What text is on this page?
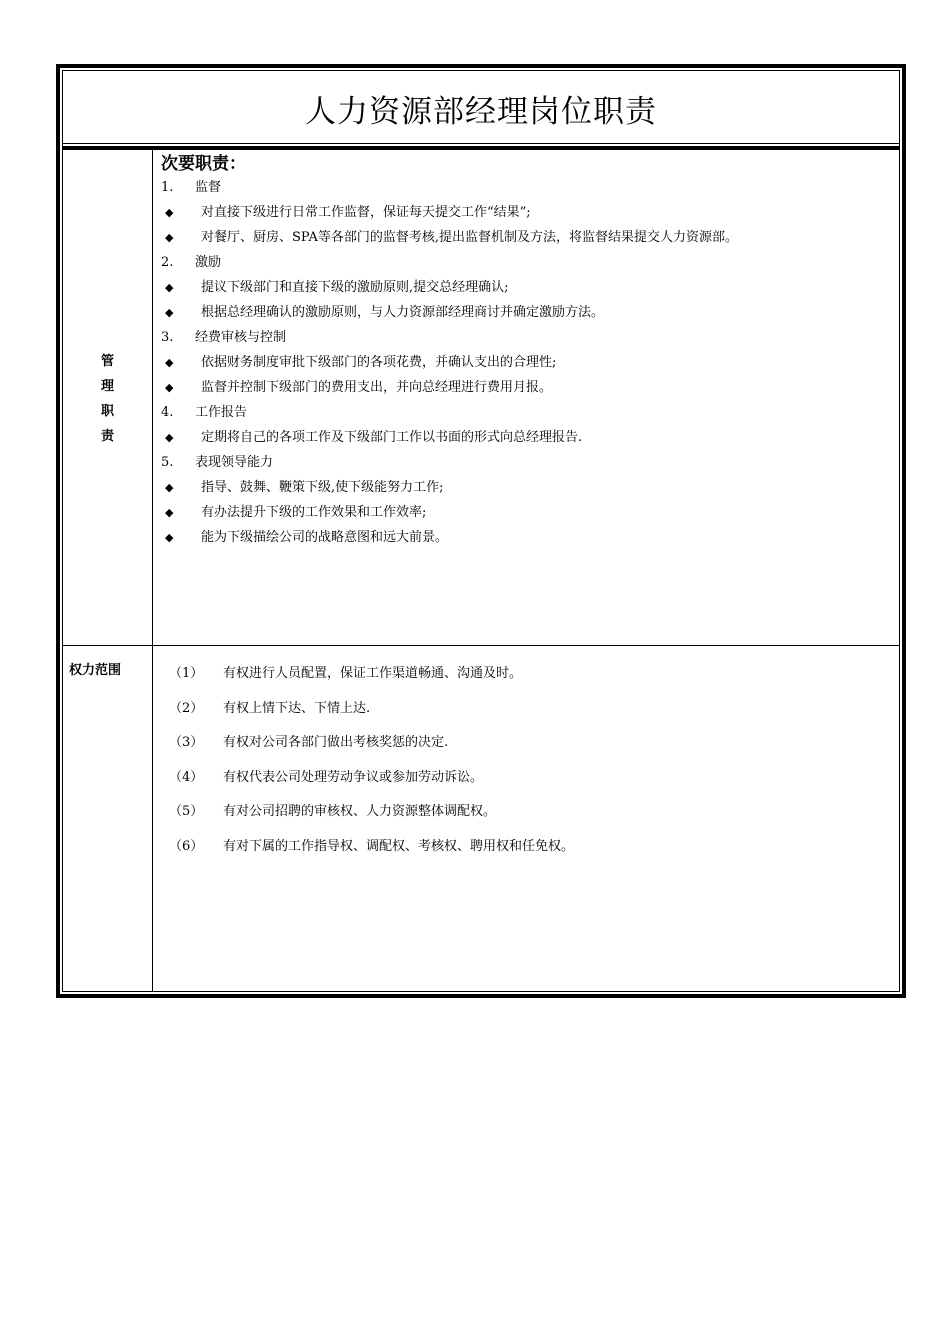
人力资源部经理岗位职责
管
理
职
责
次要职责：
1. 监督
◆ 对直接下级进行日常工作监督，保证每天提交工作“结果”;
◆ 对餐厅、厨房、SPA等各部门的监督考核,提出监督机制及方法，将监督结果提交人力资源部。
2. 激励
◆ 提议下级部门和直接下级的激励原则,提交总经理确认;
◆ 根据总经理确认的激励原则，与人力资源部经理商讨并确定激励方法。
3. 经费审核与控制
◆ 依据财务制度审批下级部门的各项花费，并确认支出的合理性;
◆ 监督并控制下级部门的费用支出，并向总经理进行费用月报。
4. 工作报告
◆ 定期将自己的各项工作及下级部门工作以书面的形式向总经理报告.
5. 表现领导能力
◆ 指导、鼓舞、鞭策下级,使下级能努力工作;
◆ 有办法提升下级的工作效果和工作效率;
◆ 能为下级描绘公司的战略意图和远大前景。
权力范围	（1） 有权进行人员配置，保证工作渠道畅通、沟通及时。
（2） 有权上情下达、下情上达.
（3） 有权对公司各部门做出考核奖惩的决定.
（4） 有权代表公司处理劳动争议或参加劳动诉讼。
（5） 有对公司招聘的审核权、人力资源整体调配权。
（6） 有对下属的工作指导权、调配权、考核权、聘用权和任免权。
